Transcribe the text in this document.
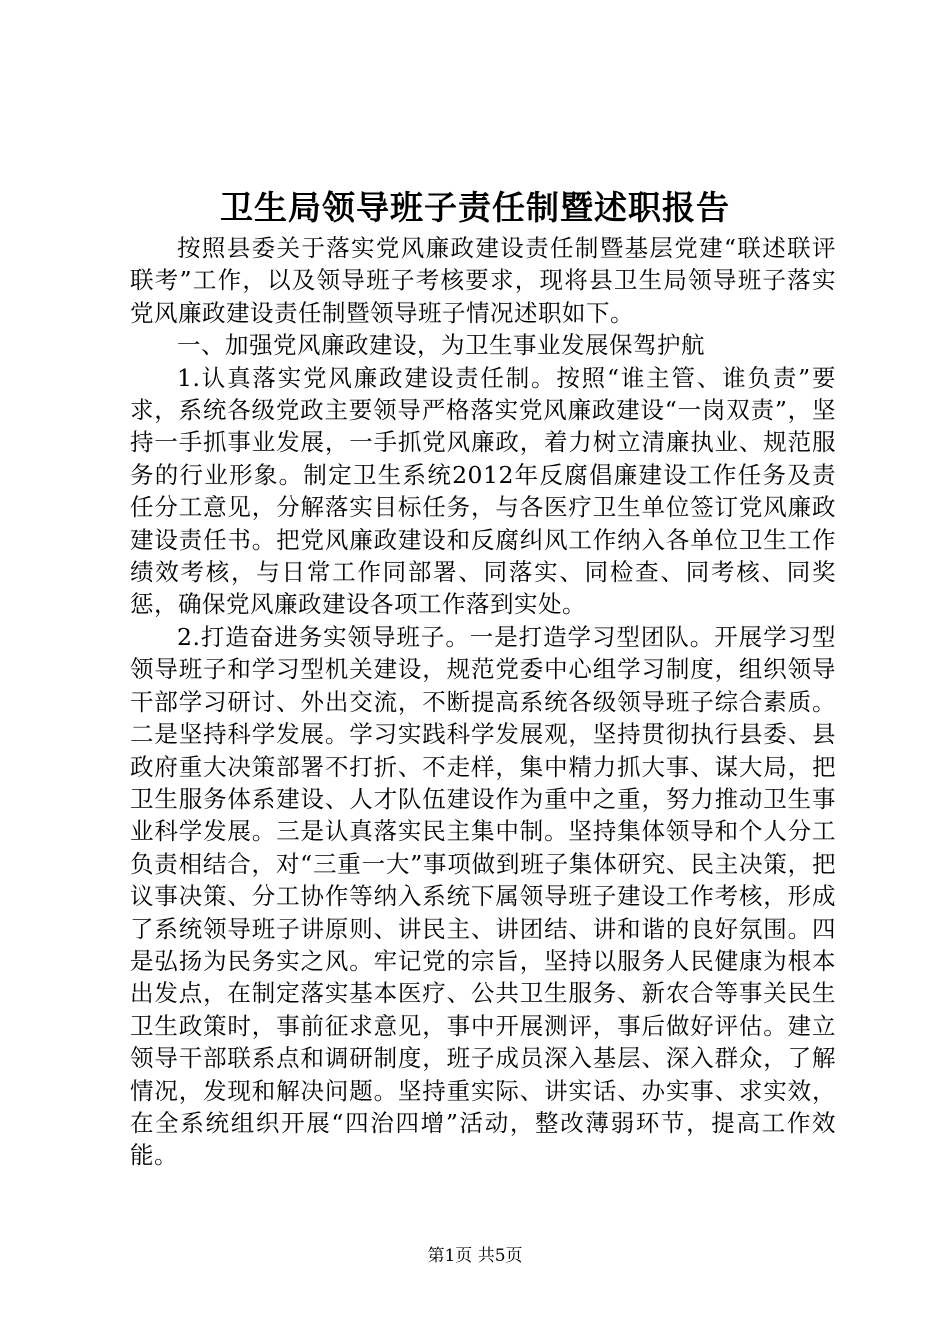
卫生局领导班子责任制暨述职报告

按照县委关于落实党风廉政建设责任制暨基层党建“联述联评联考”工作，以及领导班子考核要求，现将县卫生局领导班子落实党风廉政建设责任制暨领导班子情况述职如下。

一、加强党风廉政建设，为卫生事业发展保驾护航

1.认真落实党风廉政建设责任制。按照“谁主管、谁负责”要求，系统各级党政主要领导严格落实党风廉政建设“一岗双责”，坚持一手抓事业发展，一手抓党风廉政，着力树立清廉执业、规范服务的行业形象。制定卫生系统2012年反腐倡廉建设工作任务及责任分工意见，分解落实目标任务，与各医疗卫生单位签订党风廉政建设责任书。把党风廉政建设和反腐纠风工作纳入各单位卫生工作绩效考核，与日常工作同部署、同落实、同检查、同考核、同奖惩，确保党风廉政建设各项工作落到实处。

2.打造奋进务实领导班子。一是打造学习型团队。开展学习型领导班子和学习型机关建设，规范党委中心组学习制度，组织领导干部学习研讨、外出交流，不断提高系统各级领导班子综合素质。二是坚持科学发展。学习实践科学发展观，坚持贯彻执行县委、县政府重大决策部署不打折、不走样，集中精力抓大事、谋大局，把卫生服务体系建设、人才队伍建设作为重中之重，努力推动卫生事业科学发展。三是认真落实民主集中制。坚持集体领导和个人分工负责相结合，对“三重一大”事项做到班子集体研究、民主决策，把议事决策、分工协作等纳入系统下属领导班子建设工作考核，形成了系统领导班子讲原则、讲民主、讲团结、讲和谐的良好氛围。四是弘扬为民务实之风。牢记党的宗旨，坚持以服务人民健康为根本出发点，在制定落实基本医疗、公共卫生服务、新农合等事关民生卫生政策时，事前征求意见，事中开展测评，事后做好评估。建立领导干部联系点和调研制度，班子成员深入基层、深入群众，了解情况，发现和解决问题。坚持重实际、讲实话、办实事、求实效，在全系统组织开展“四治四增”活动，整改薄弱环节，提高工作效能。

第1页 共5页
